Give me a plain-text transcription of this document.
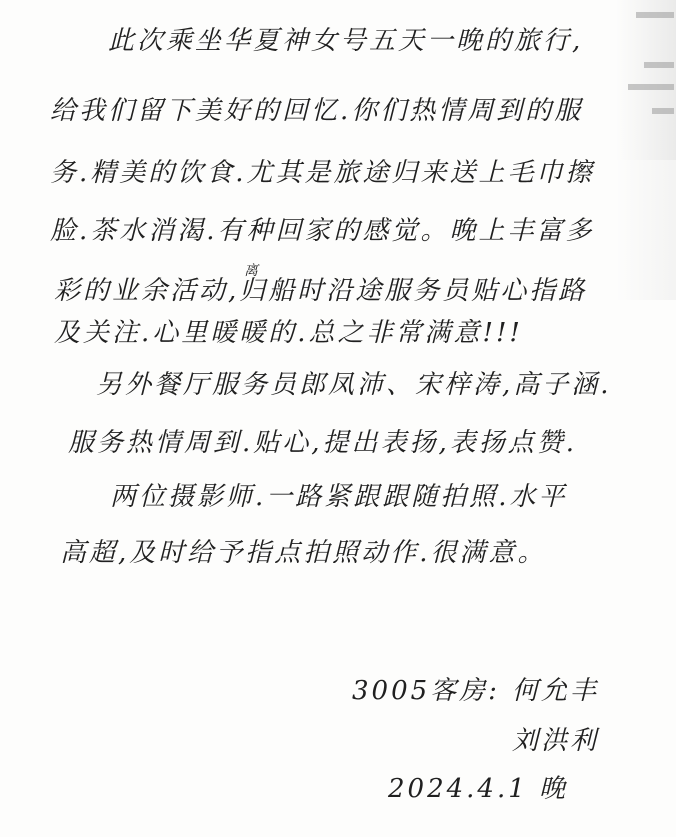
此次乘坐华夏神女号五天一晚的旅行,
给我们留下美好的回忆.你们热情周到的服
务.精美的饮食.尤其是旅途归来送上毛巾擦
脸.茶水消渴.有种回家的感觉。晚上丰富多
离
彩的业余活动,归船时沿途服务员贴心指路
及关注.心里暖暖的.总之非常满意!!!
另外餐厅服务员郎凤沛、宋梓涛,高子涵.
服务热情周到.贴心,提出表扬,表扬点赞.
两位摄影师.一路紧跟跟随拍照.水平
高超,及时给予指点拍照动作.很满意。
3005客房: 何允丰
刘洪利
2024.4.1 晚
